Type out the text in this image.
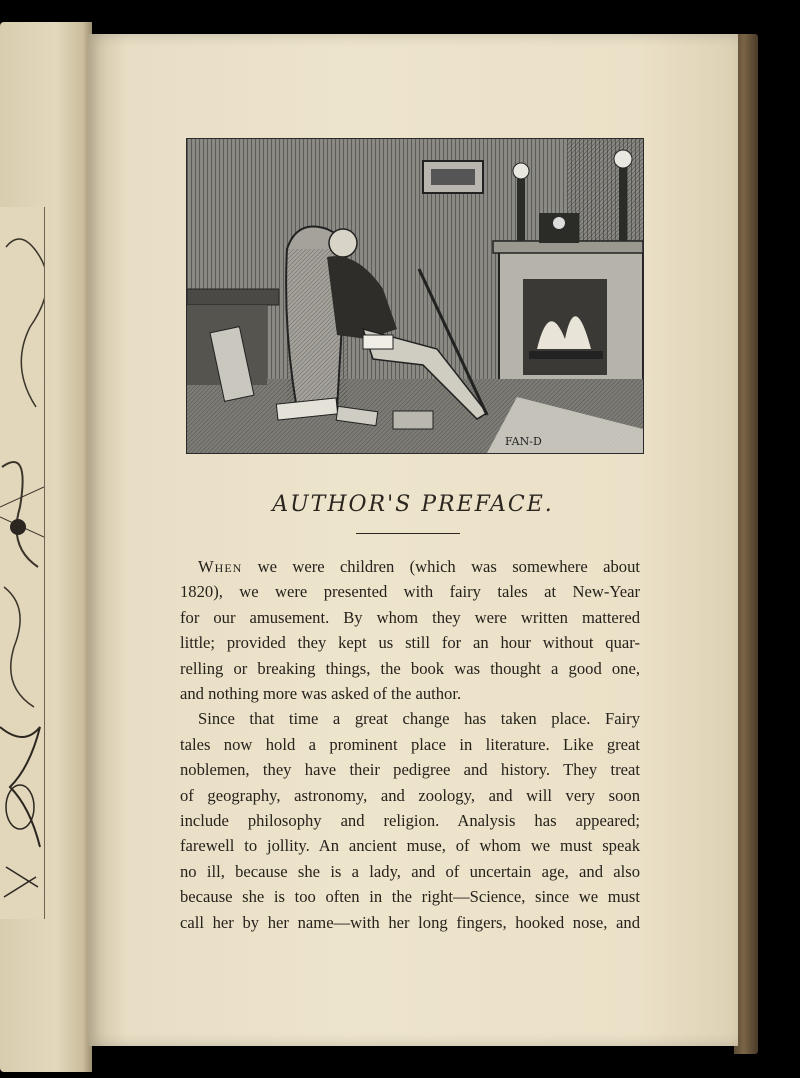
FAN-D
AUTHOR'S PREFACE.

When we were children (which was somewhere about
1820), we were presented with fairy tales at New-Year
for our amusement. By whom they were written mattered
little; provided they kept us still for an hour without quar-
relling or breaking things, the book was thought a good one,
and nothing more was asked of the author.

Since that time a great change has taken place. Fairy
tales now hold a prominent place in literature. Like great
noblemen, they have their pedigree and history. They treat
of geography, astronomy, and zoology, and will very soon
include philosophy and religion. Analysis has appeared;
farewell to jollity. An ancient muse, of whom we must speak
no ill, because she is a lady, and of uncertain age, and also
because she is too often in the right—Science, since we must
call her by her name—with her long fingers, hooked nose, and
